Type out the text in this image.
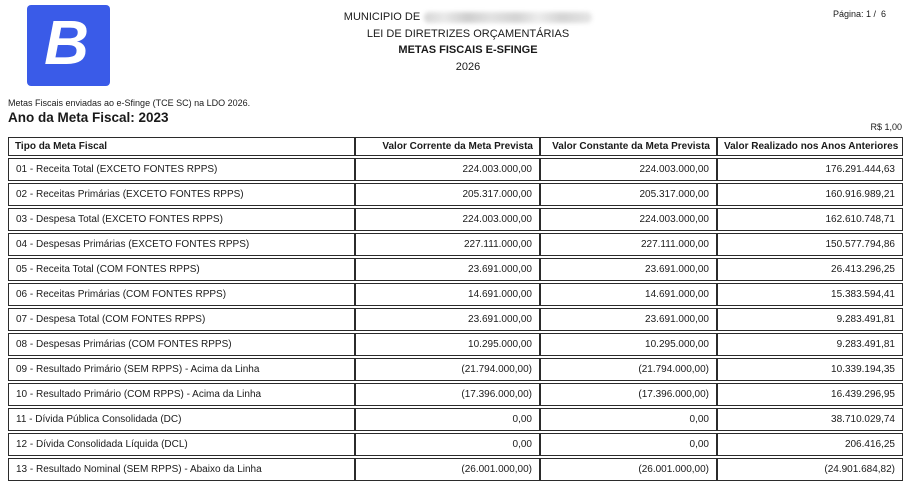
B	Página: 1 /  6
MUNICIPIO DE
LEI DE DIRETRIZES ORÇAMENTÁRIAS
METAS FISCAIS E-SFINGE
2026
Metas Fiscais enviadas ao e-Sfinge (TCE SC) na LDO 2026.
Ano da Meta Fiscal: 2023
R$ 1,00
Tipo da Meta Fiscal	Valor Corrente da Meta Prevista	Valor Constante da Meta Prevista	Valor Realizado nos Anos Anteriores
01 - Receita Total (EXCETO FONTES RPPS)	224.003.000,00	224.003.000,00	176.291.444,63
02 - Receitas Primárias (EXCETO FONTES RPPS)	205.317.000,00	205.317.000,00	160.916.989,21
03 - Despesa Total (EXCETO FONTES RPPS)	224.003.000,00	224.003.000,00	162.610.748,71
04 - Despesas Primárias (EXCETO FONTES RPPS)	227.111.000,00	227.111.000,00	150.577.794,86
05 - Receita Total (COM FONTES RPPS)	23.691.000,00	23.691.000,00	26.413.296,25
06 - Receitas Primárias (COM FONTES RPPS)	14.691.000,00	14.691.000,00	15.383.594,41
07 - Despesa Total (COM FONTES RPPS)	23.691.000,00	23.691.000,00	9.283.491,81
08 - Despesas Primárias (COM FONTES RPPS)	10.295.000,00	10.295.000,00	9.283.491,81
09 - Resultado Primário (SEM RPPS) - Acima da Linha	(21.794.000,00)	(21.794.000,00)	10.339.194,35
10 - Resultado Primário (COM RPPS) - Acima da Linha	(17.396.000,00)	(17.396.000,00)	16.439.296,95
11 - Dívida Pública Consolidada (DC)	0,00	0,00	38.710.029,74
12 - Dívida Consolidada Líquida (DCL)	0,00	0,00	206.416,25
13 - Resultado Nominal (SEM RPPS) - Abaixo da Linha	(26.001.000,00)	(26.001.000,00)	(24.901.684,82)
